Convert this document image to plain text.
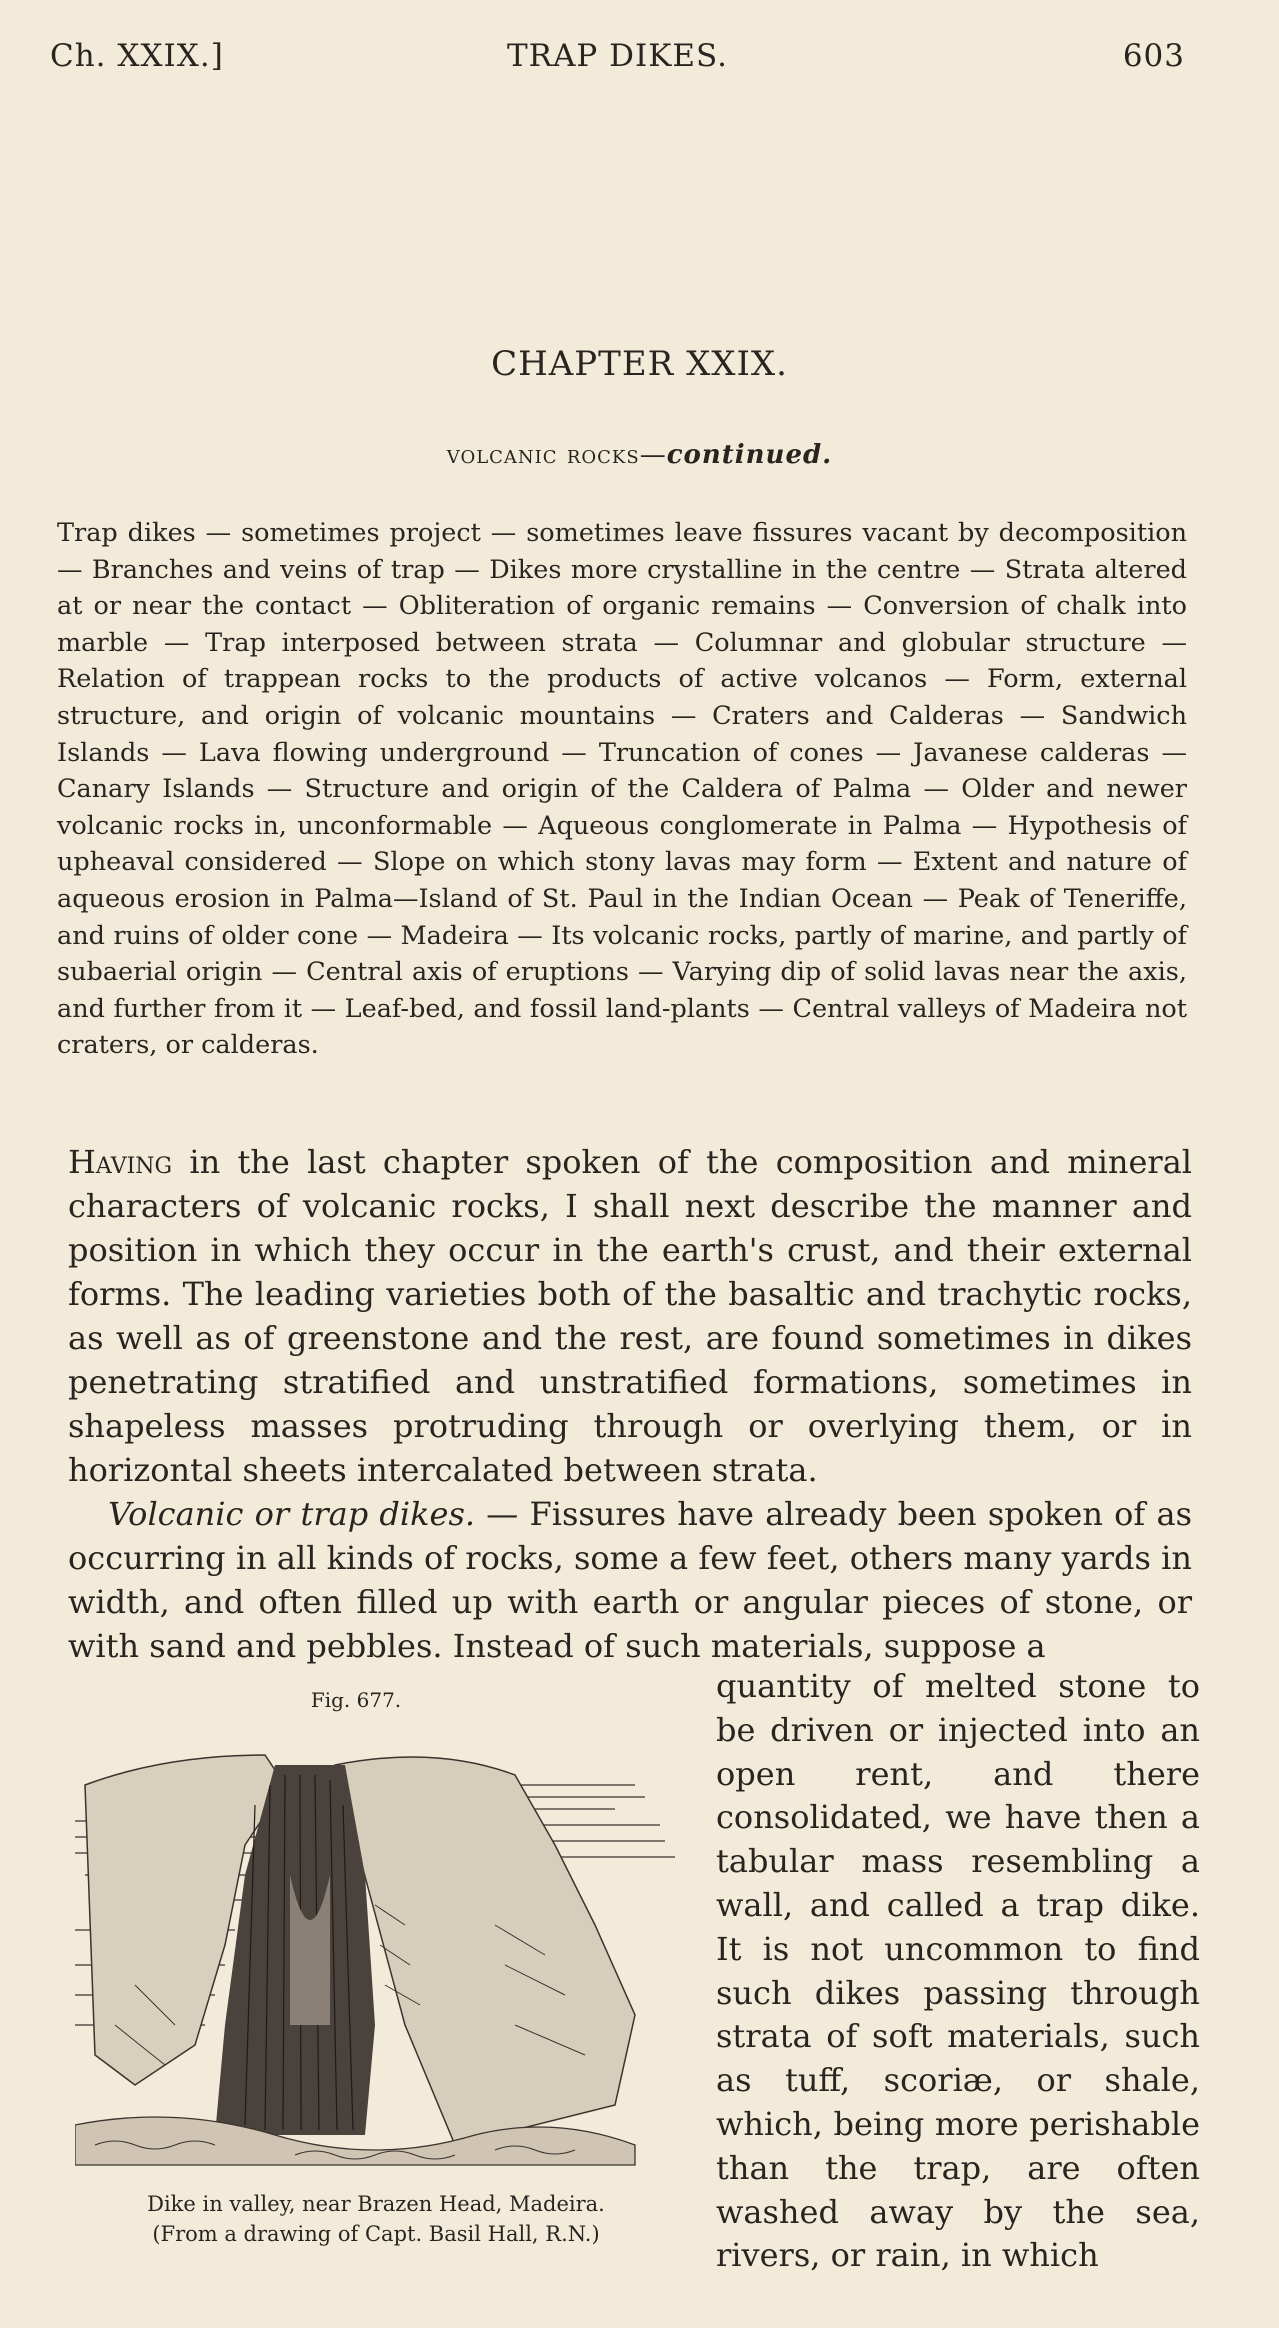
Ch. XXIX.]	TRAP DIKES.	603
CHAPTER XXIX.
volcanic rocks—continued.

Trap dikes — sometimes project — sometimes leave fissures vacant by decomposition — Branches and veins of trap — Dikes more crystalline in the centre — Strata altered at or near the contact — Obliteration of organic remains — Conversion of chalk into marble — Trap interposed between strata — Columnar and globular structure — Relation of trappean rocks to the products of active volcanos — Form, external structure, and origin of volcanic mountains — Craters and Calderas — Sandwich Islands — Lava flowing underground — Truncation of cones — Javanese calderas — Canary Islands — Structure and origin of the Caldera of Palma — Older and newer volcanic rocks in, unconformable — Aqueous conglomerate in Palma — Hypothesis of upheaval considered — Slope on which stony lavas may form — Extent and nature of aqueous erosion in Palma—Island of St. Paul in the Indian Ocean — Peak of Teneriffe, and ruins of older cone — Madeira — Its volcanic rocks, partly of marine, and partly of subaerial origin — Central axis of eruptions — Varying dip of solid lavas near the axis, and further from it — Leaf-bed, and fossil land-plants — Central valleys of Madeira not craters, or calderas.

Having in the last chapter spoken of the composition and mineral characters of volcanic rocks, I shall next describe the manner and position in which they occur in the earth's crust, and their external forms. The leading varieties both of the basaltic and trachytic rocks, as well as of greenstone and the rest, are found sometimes in dikes penetrating stratified and unstratified formations, sometimes in shapeless masses protruding through or overlying them, or in horizontal sheets intercalated between strata.

Volcanic or trap dikes. — Fissures have already been spoken of as occurring in all kinds of rocks, some a few feet, others many yards in width, and often filled up with earth or angular pieces of stone, or with sand and pebbles. Instead of such materials, suppose a

Fig. 677.
Dike in valley, near Brazen Head, Madeira.
(From a drawing of Capt. Basil Hall, R.N.)

quantity of melted stone to be driven or injected into an open rent, and there consolidated, we have then a tabular mass resembling a wall, and called a trap dike. It is not uncommon to find such dikes passing through strata of soft materials, such as tuff, scoriæ, or shale, which, being more perishable than the trap, are often washed away by the sea, rivers, or rain, in which
